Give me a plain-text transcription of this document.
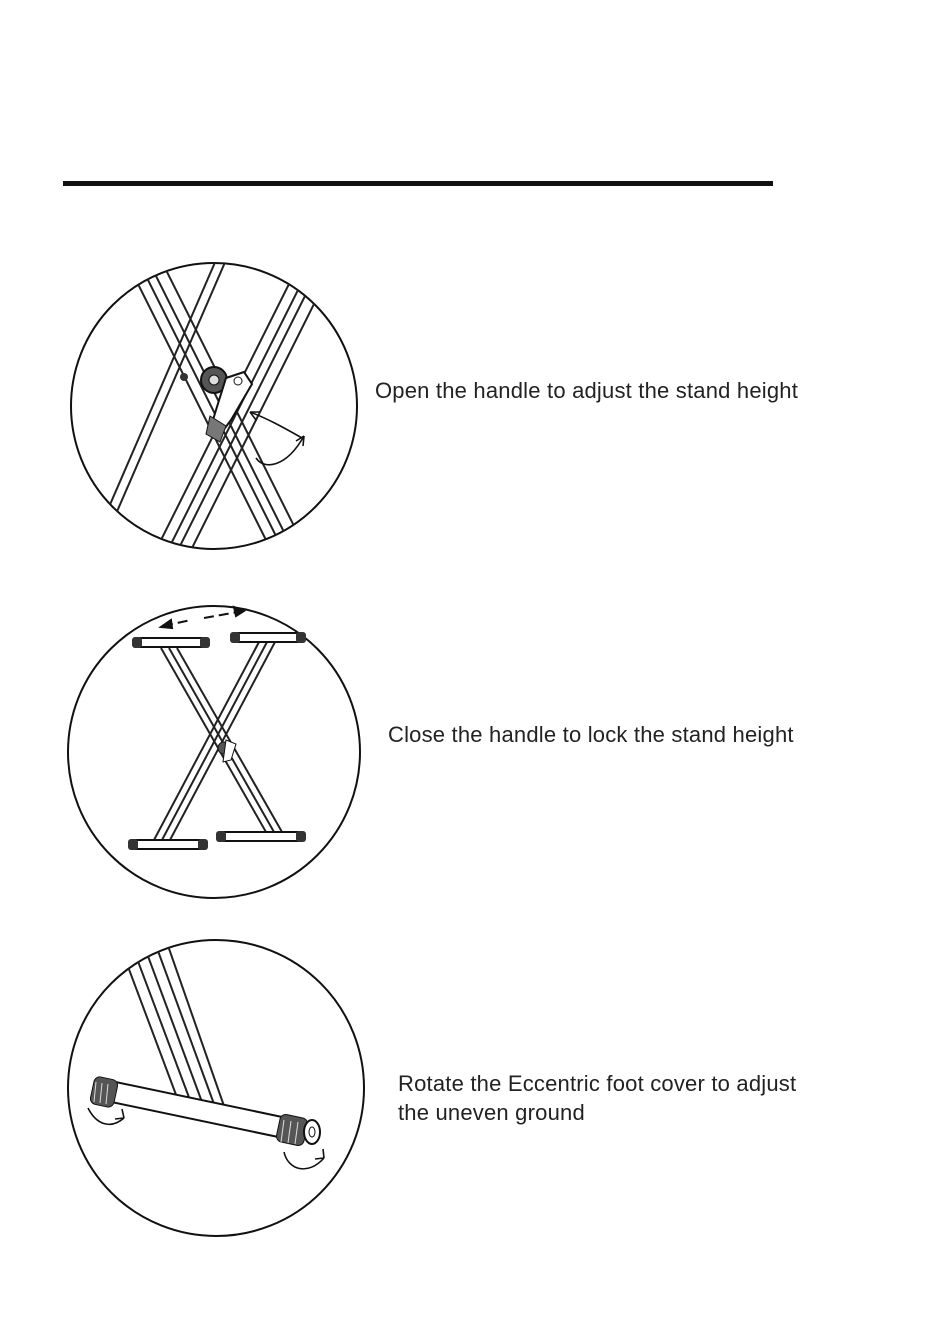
Open the handle to adjust the stand height
Close the handle to lock the stand height
Rotate the Eccentric foot cover to adjust
the uneven ground
